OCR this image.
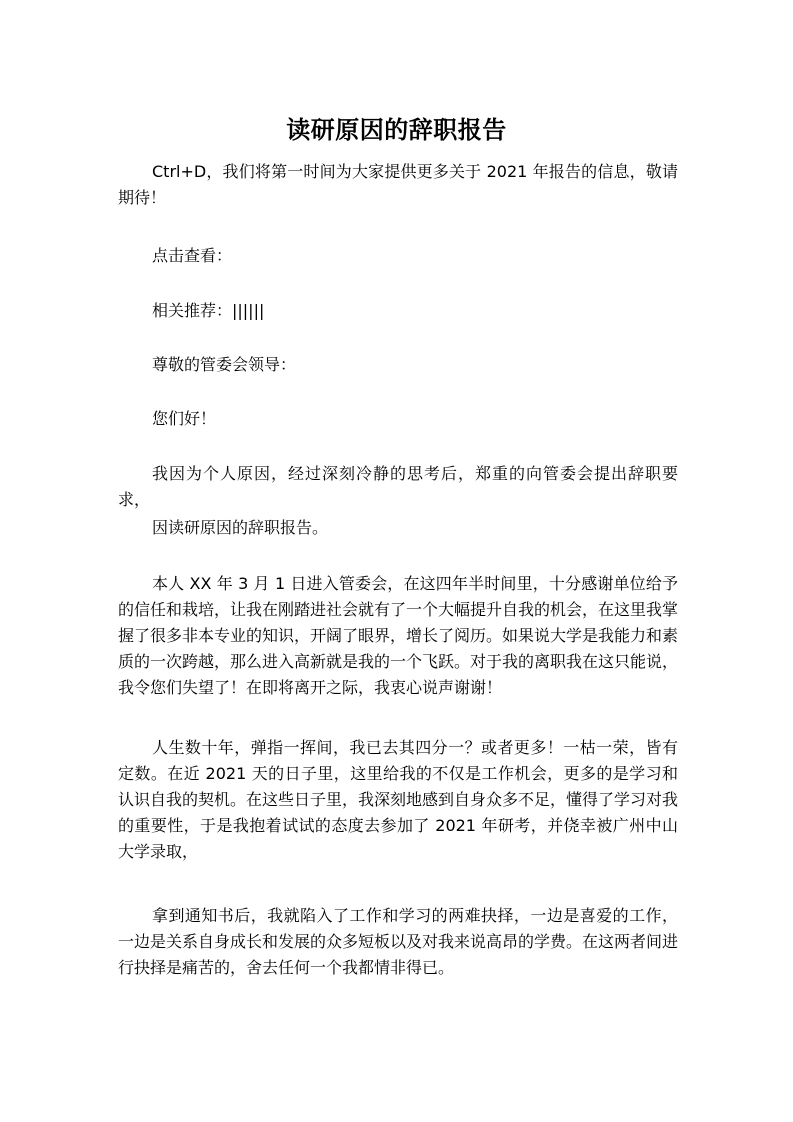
读研原因的辞职报告
Ctrl+D，我们将第一时间为大家提供更多关于 2021 年报告的信息，敬请期待！
点击查看：
相关推荐：||||||
尊敬的管委会领导：
您们好！
我因为个人原因，经过深刻冷静的思考后，郑重的向管委会提出辞职要求，
因读研原因的辞职报告。
本人 XX 年 3 月 1 日进入管委会，在这四年半时间里，十分感谢单位给予的信任和栽培，让我在刚踏进社会就有了一个大幅提升自我的机会，在这里我掌握了很多非本专业的知识，开阔了眼界，增长了阅历。如果说大学是我能力和素质的一次跨越，那么进入高新就是我的一个飞跃。对于我的离职我在这只能说，我令您们失望了！在即将离开之际，我衷心说声谢谢！
人生数十年，弹指一挥间，我已去其四分一？或者更多！一枯一荣，皆有定数。在近 2021 天的日子里，这里给我的不仅是工作机会，更多的是学习和认识自我的契机。在这些日子里，我深刻地感到自身众多不足，懂得了学习对我的重要性，于是我抱着试试的态度去参加了 2021 年研考，并侥幸被广州中山大学录取，
拿到通知书后，我就陷入了工作和学习的两难抉择，一边是喜爱的工作，一边是关系自身成长和发展的众多短板以及对我来说高昂的学费。在这两者间进行抉择是痛苦的，舍去任何一个我都情非得已。
